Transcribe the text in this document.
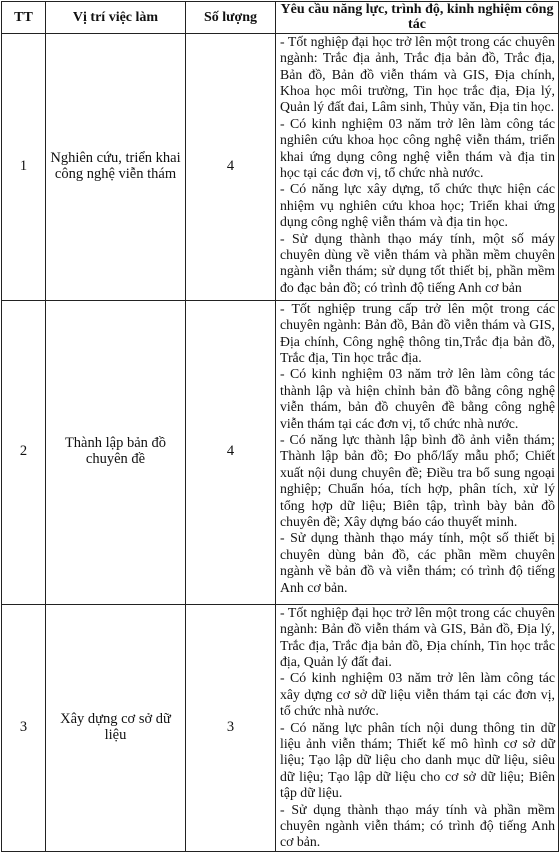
TT	Vị trí việc làm	Số lượng	Yêu cầu năng lực, trình độ, kinh nghiệm công tác
1	Nghiên cứu, triển khai công nghệ viễn thám	4	- Tốt nghiệp đại học trở lên một trong các chuyên ngành: Trắc địa ảnh, Trắc địa bản đồ, Trắc địa, Bản đồ, Bản đồ viễn thám và GIS, Địa chính, Khoa học môi trường, Tin học trắc địa, Địa lý, Quản lý đất đai, Lâm sinh, Thủy văn, Địa tin học.

- Có kinh nghiệm 03 năm trở lên làm công tác nghiên cứu khoa học công nghệ viễn thám, triển khai ứng dụng công nghệ viễn thám và địa tin học tại các đơn vị, tổ chức nhà nước.

- Có năng lực xây dựng, tổ chức thực hiện các nhiệm vụ nghiên cứu khoa học; Triển khai ứng dụng công nghệ viễn thám và địa tin học.

- Sử dụng thành thạo máy tính, một số máy chuyên dùng về viễn thám và phần mềm chuyên ngành viễn thám; sử dụng tốt thiết bị, phần mềm đo đạc bản đồ; có trình độ tiếng Anh cơ bản

2	Thành lập bản đồ chuyên đề	4	- Tốt nghiệp trung cấp trở lên một trong các chuyên ngành: Bản đồ, Bản đồ viễn thám và GIS, Địa chính, Công nghệ thông tin,Trắc địa bản đồ, Trắc địa, Tin học trắc địa.

- Có kinh nghiệm 03 năm trở lên làm công tác thành lập và hiện chỉnh bản đồ bằng công nghệ viễn thám, bản đồ chuyên đề bằng công nghệ viễn thám tại các đơn vị, tổ chức nhà nước.

- Có năng lực thành lập bình đồ ảnh viễn thám; Thành lập bản đồ; Ðo phổ/lấy mẫu phổ; Chiết xuất nội dung chuyên đề; Ðiều tra bổ sung ngoại nghiệp; Chuẩn hóa, tích hợp, phân tích, xử lý tổng hợp dữ liệu; Biên tập, trình bày bản đồ chuyên đề; Xây dựng báo cáo thuyết minh.

- Sử dụng thành thạo máy tính, một số thiết bị chuyên dùng bản đồ, các phần mềm chuyên ngành về bản đồ và viễn thám; có trình độ tiếng Anh cơ bản.

3	Xây dựng cơ sở dữ liệu	3	- Tốt nghiệp đại học trở lên một trong các chuyên ngành: Bản đồ viễn thám và GIS, Bản đồ, Địa lý, Trắc địa, Trắc địa bản đồ, Địa chính, Tin học trắc địa, Quản lý đất đai.

- Có kinh nghiệm 03 năm trở lên làm công tác xây dựng cơ sở dữ liệu viễn thám tại các đơn vị, tổ chức nhà nước.

- Có năng lực phân tích nội dung thông tin dữ liệu ảnh viễn thám; Thiết kế mô hình cơ sở dữ liệu; Tạo lập dữ liệu cho danh mục dữ liệu, siêu dữ liệu; Tạo lập dữ liệu cho cơ sở dữ liệu; Biên tập dữ liệu.

- Sử dụng thành thạo máy tính và phần mềm chuyên ngành viễn thám; có trình độ tiếng Anh cơ bản.
